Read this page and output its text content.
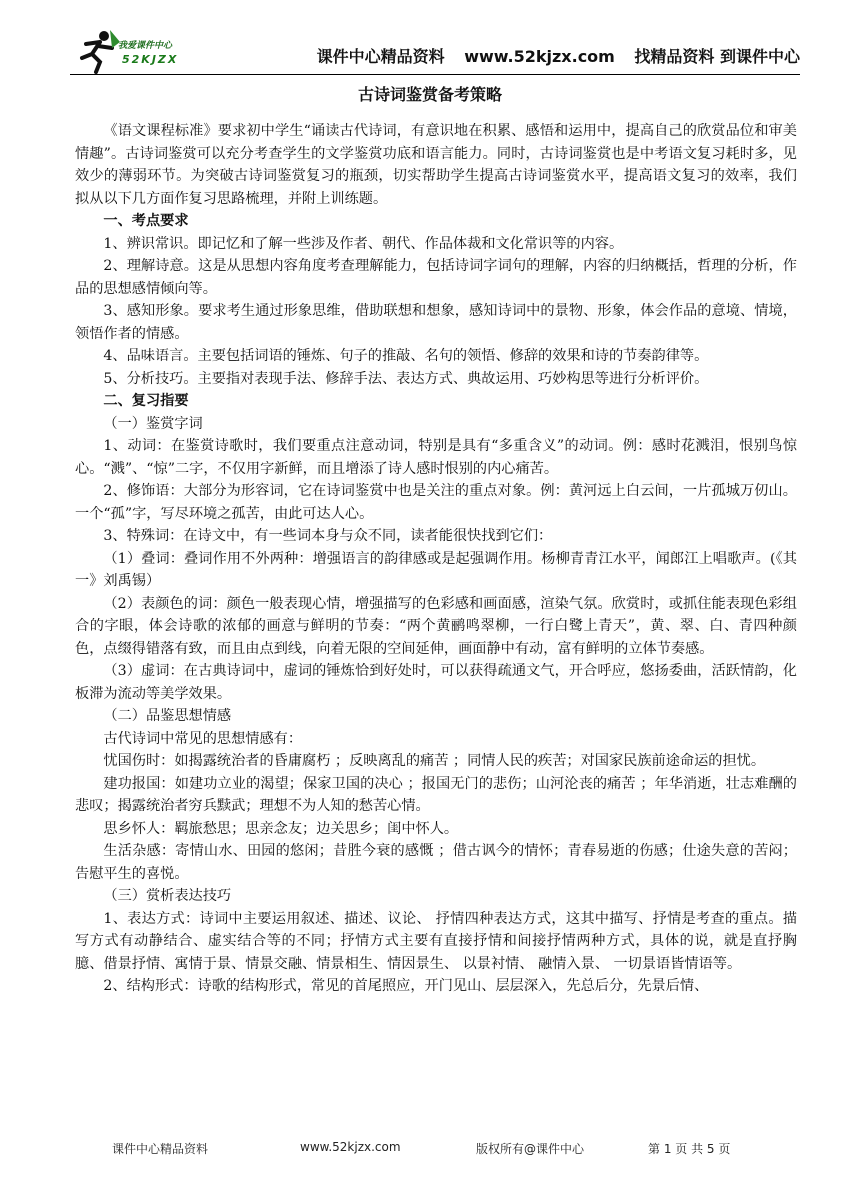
我爱课件中心
52KJZX	课件中心精品资料 www.52kjzx.com 找精品资料 到课件中心
古诗词鉴赏备考策略

《语文课程标准》要求初中学生“诵读古代诗词，有意识地在积累、感悟和运用中，提高自己的欣赏品位和审美情趣”。古诗词鉴赏可以充分考查学生的文学鉴赏功底和语言能力。同时，古诗词鉴赏也是中考语文复习耗时多，见效少的薄弱环节。为突破古诗词鉴赏复习的瓶颈，切实帮助学生提高古诗词鉴赏水平，提高语文复习的效率，我们拟从以下几方面作复习思路梳理，并附上训练题。

一、考点要求

1、辨识常识。即记忆和了解一些涉及作者、朝代、作品体裁和文化常识等的内容。

2、理解诗意。这是从思想内容角度考查理解能力，包括诗词字词句的理解，内容的归纳概括，哲理的分析，作品的思想感情倾向等。

3、感知形象。要求考生通过形象思维，借助联想和想象，感知诗词中的景物、形象，体会作品的意境、情境，领悟作者的情感。

4、品味语言。主要包括词语的锤炼、句子的推敲、名句的领悟、修辞的效果和诗的节奏韵律等。

5、分析技巧。主要指对表现手法、修辞手法、表达方式、典故运用、巧妙构思等进行分析评价。

二、复习指要

（一）鉴赏字词

1、动词：在鉴赏诗歌时，我们要重点注意动词，特别是具有“多重含义”的动词。例：感时花溅泪，恨别鸟惊心。“溅”、“惊”二字，不仅用字新鲜，而且增添了诗人感时恨别的内心痛苦。

2、修饰语：大部分为形容词，它在诗词鉴赏中也是关注的重点对象。例：黄河远上白云间，一片孤城万仞山。 一个“孤”字，写尽环境之孤苦，由此可达人心。

3、特殊词：在诗文中，有一些词本身与众不同，读者能很快找到它们：

（1）叠词：叠词作用不外两种：增强语言的韵律感或是起强调作用。杨柳青青江水平，闻郎江上唱歌声。(《其一》刘禹锡）

（2）表颜色的词：颜色一般表现心情，增强描写的色彩感和画面感，渲染气氛。欣赏时，或抓住能表现色彩组合的字眼，体会诗歌的浓郁的画意与鲜明的节奏：“两个黄鹂鸣翠柳，一行白鹭上青天”，黄、翠、白、青四种颜色，点缀得错落有致，而且由点到线，向着无限的空间延伸，画面静中有动，富有鲜明的立体节奏感。

（3）虚词：在古典诗词中，虚词的锤炼恰到好处时，可以获得疏通文气，开合呼应，悠扬委曲，活跃情韵，化板滞为流动等美学效果。

（二）品鉴思想情感

古代诗词中常见的思想情感有：

忧国伤时：如揭露统治者的昏庸腐朽 ；反映离乱的痛苦 ；同情人民的疾苦；对国家民族前途命运的担忧。

建功报国：如建功立业的渴望；保家卫国的决心 ；报国无门的悲伤；山河沦丧的痛苦 ；年华消逝，壮志难酬的悲叹；揭露统治者穷兵黩武；理想不为人知的愁苦心情。

思乡怀人：羁旅愁思；思亲念友；边关思乡；闺中怀人。

生活杂感：寄情山水、田园的悠闲；昔胜今衰的感慨 ；借古讽今的情怀；青春易逝的伤感；仕途失意的苦闷；告慰平生的喜悦。

（三）赏析表达技巧

1、表达方式：诗词中主要运用叙述、描述、议论、 抒情四种表达方式，这其中描写、抒情是考查的重点。描写方式有动静结合、虚实结合等的不同；抒情方式主要有直接抒情和间接抒情两种方式，具体的说，就是直抒胸臆、借景抒情、寓情于景、情景交融、情景相生、情因景生、 以景衬情、 融情入景、 一切景语皆情语等。

2、结构形式：诗歌的结构形式，常见的首尾照应，开门见山、层层深入，先总后分，先景后情、

课件中心精品资料	www.52kjzx.com	版权所有@课件中心	第 1 页 共 5 页
